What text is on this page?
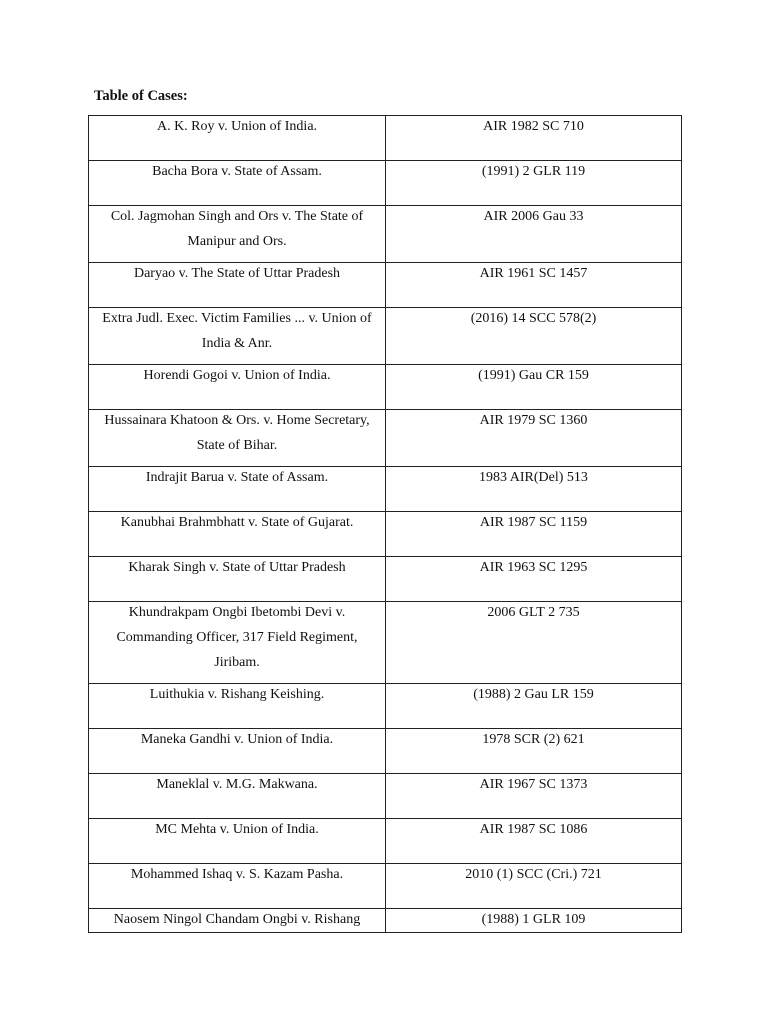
Table of Cases:
A. K. Roy v. Union of India.	AIR 1982 SC 710

Bacha Bora v. State of Assam.	(1991) 2 GLR 119

Col. Jagmohan Singh and Ors v. The State of Manipur and Ors.	AIR 2006 Gau 33

Daryao v. The State of Uttar Pradesh	AIR 1961 SC 1457

Extra Judl. Exec. Victim Families ... v. Union of India & Anr.	(2016) 14 SCC 578(2)

Horendi Gogoi v. Union of India.	(1991) Gau CR 159

Hussainara Khatoon & Ors. v. Home Secretary, State of Bihar.	AIR 1979 SC 1360

Indrajit Barua v. State of Assam.	1983 AIR(Del) 513

Kanubhai Brahmbhatt v. State of Gujarat.	AIR 1987 SC 1159

Kharak Singh v. State of Uttar Pradesh	AIR 1963 SC 1295

Khundrakpam Ongbi Ibetombi Devi v. Commanding Officer, 317 Field Regiment, Jiribam.	2006 GLT 2 735

Luithukia v. Rishang Keishing.	(1988) 2 Gau LR 159

Maneka Gandhi v. Union of India.	1978 SCR (2) 621

Maneklal v. M.G. Makwana.	AIR 1967 SC 1373

MC Mehta v. Union of India.	AIR 1987 SC 1086

Mohammed Ishaq v. S. Kazam Pasha.	2010 (1) SCC (Cri.) 721

Naosem Ningol Chandam Ongbi v. Rishang	(1988) 1 GLR 109
